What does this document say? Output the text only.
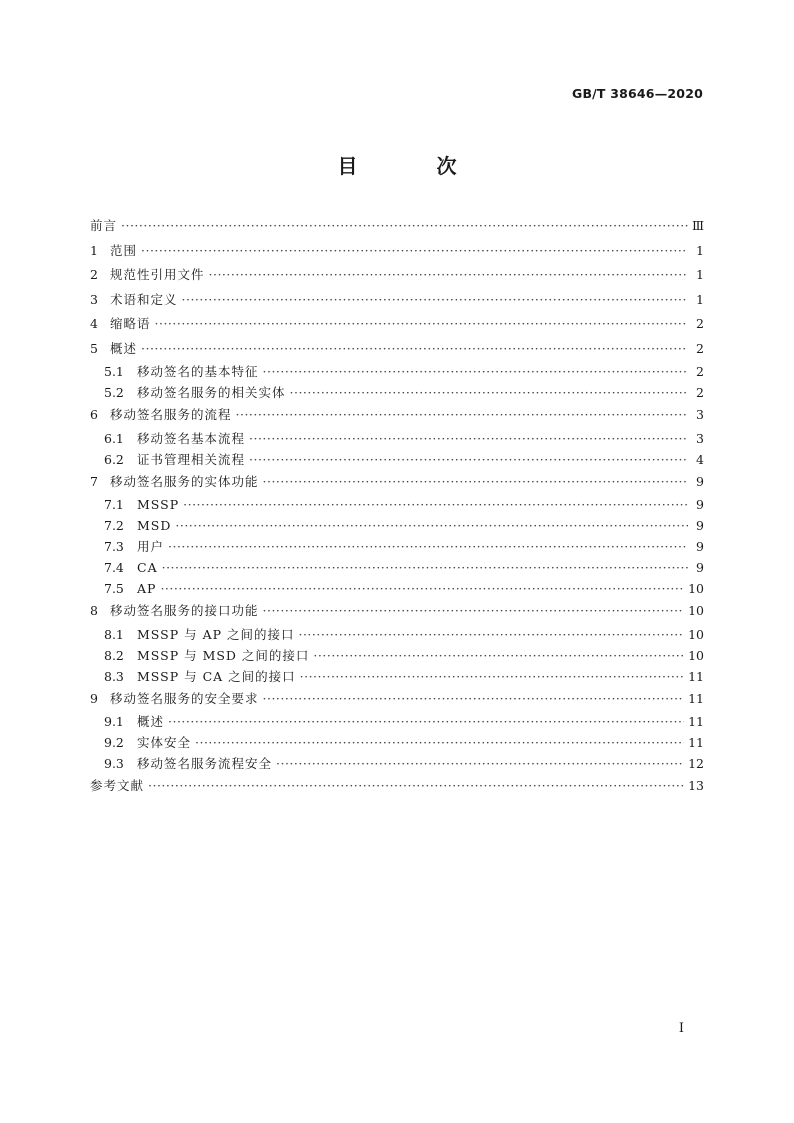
GB/T 38646—2020
目 次
前言 ·····	Ⅲ
1 范围 ·····	1
2 规范性引用文件 ·····	1
3 术语和定义 ·····	1
4 缩略语 ·····	2
5 概述 ·····	2
5.1	移动签名的基本特征 ·····	2
5.2	移动签名服务的相关实体 ·····	2
6 移动签名服务的流程 ·····	3
6.1	移动签名基本流程 ·····	3
6.2	证书管理相关流程 ·····	4
7 移动签名服务的实体功能 ·····	9
7.1	MSSP ·····	9
7.2	MSD ·····	9
7.3	用户 ·····	9
7.4	CA ·····	9
7.5	AP ·····	10
8 移动签名服务的接口功能 ·····	10
8.1	MSSP 与 AP 之间的接口 ·····	10
8.2	MSSP 与 MSD 之间的接口 ·····	10
8.3	MSSP 与 CA 之间的接口 ·····	11
9 移动签名服务的安全要求 ·····	11
9.1	概述 ·····	11
9.2	实体安全 ·····	11
9.3	移动签名服务流程安全 ·····	12
参考文献 ·····	13
Ⅰ
